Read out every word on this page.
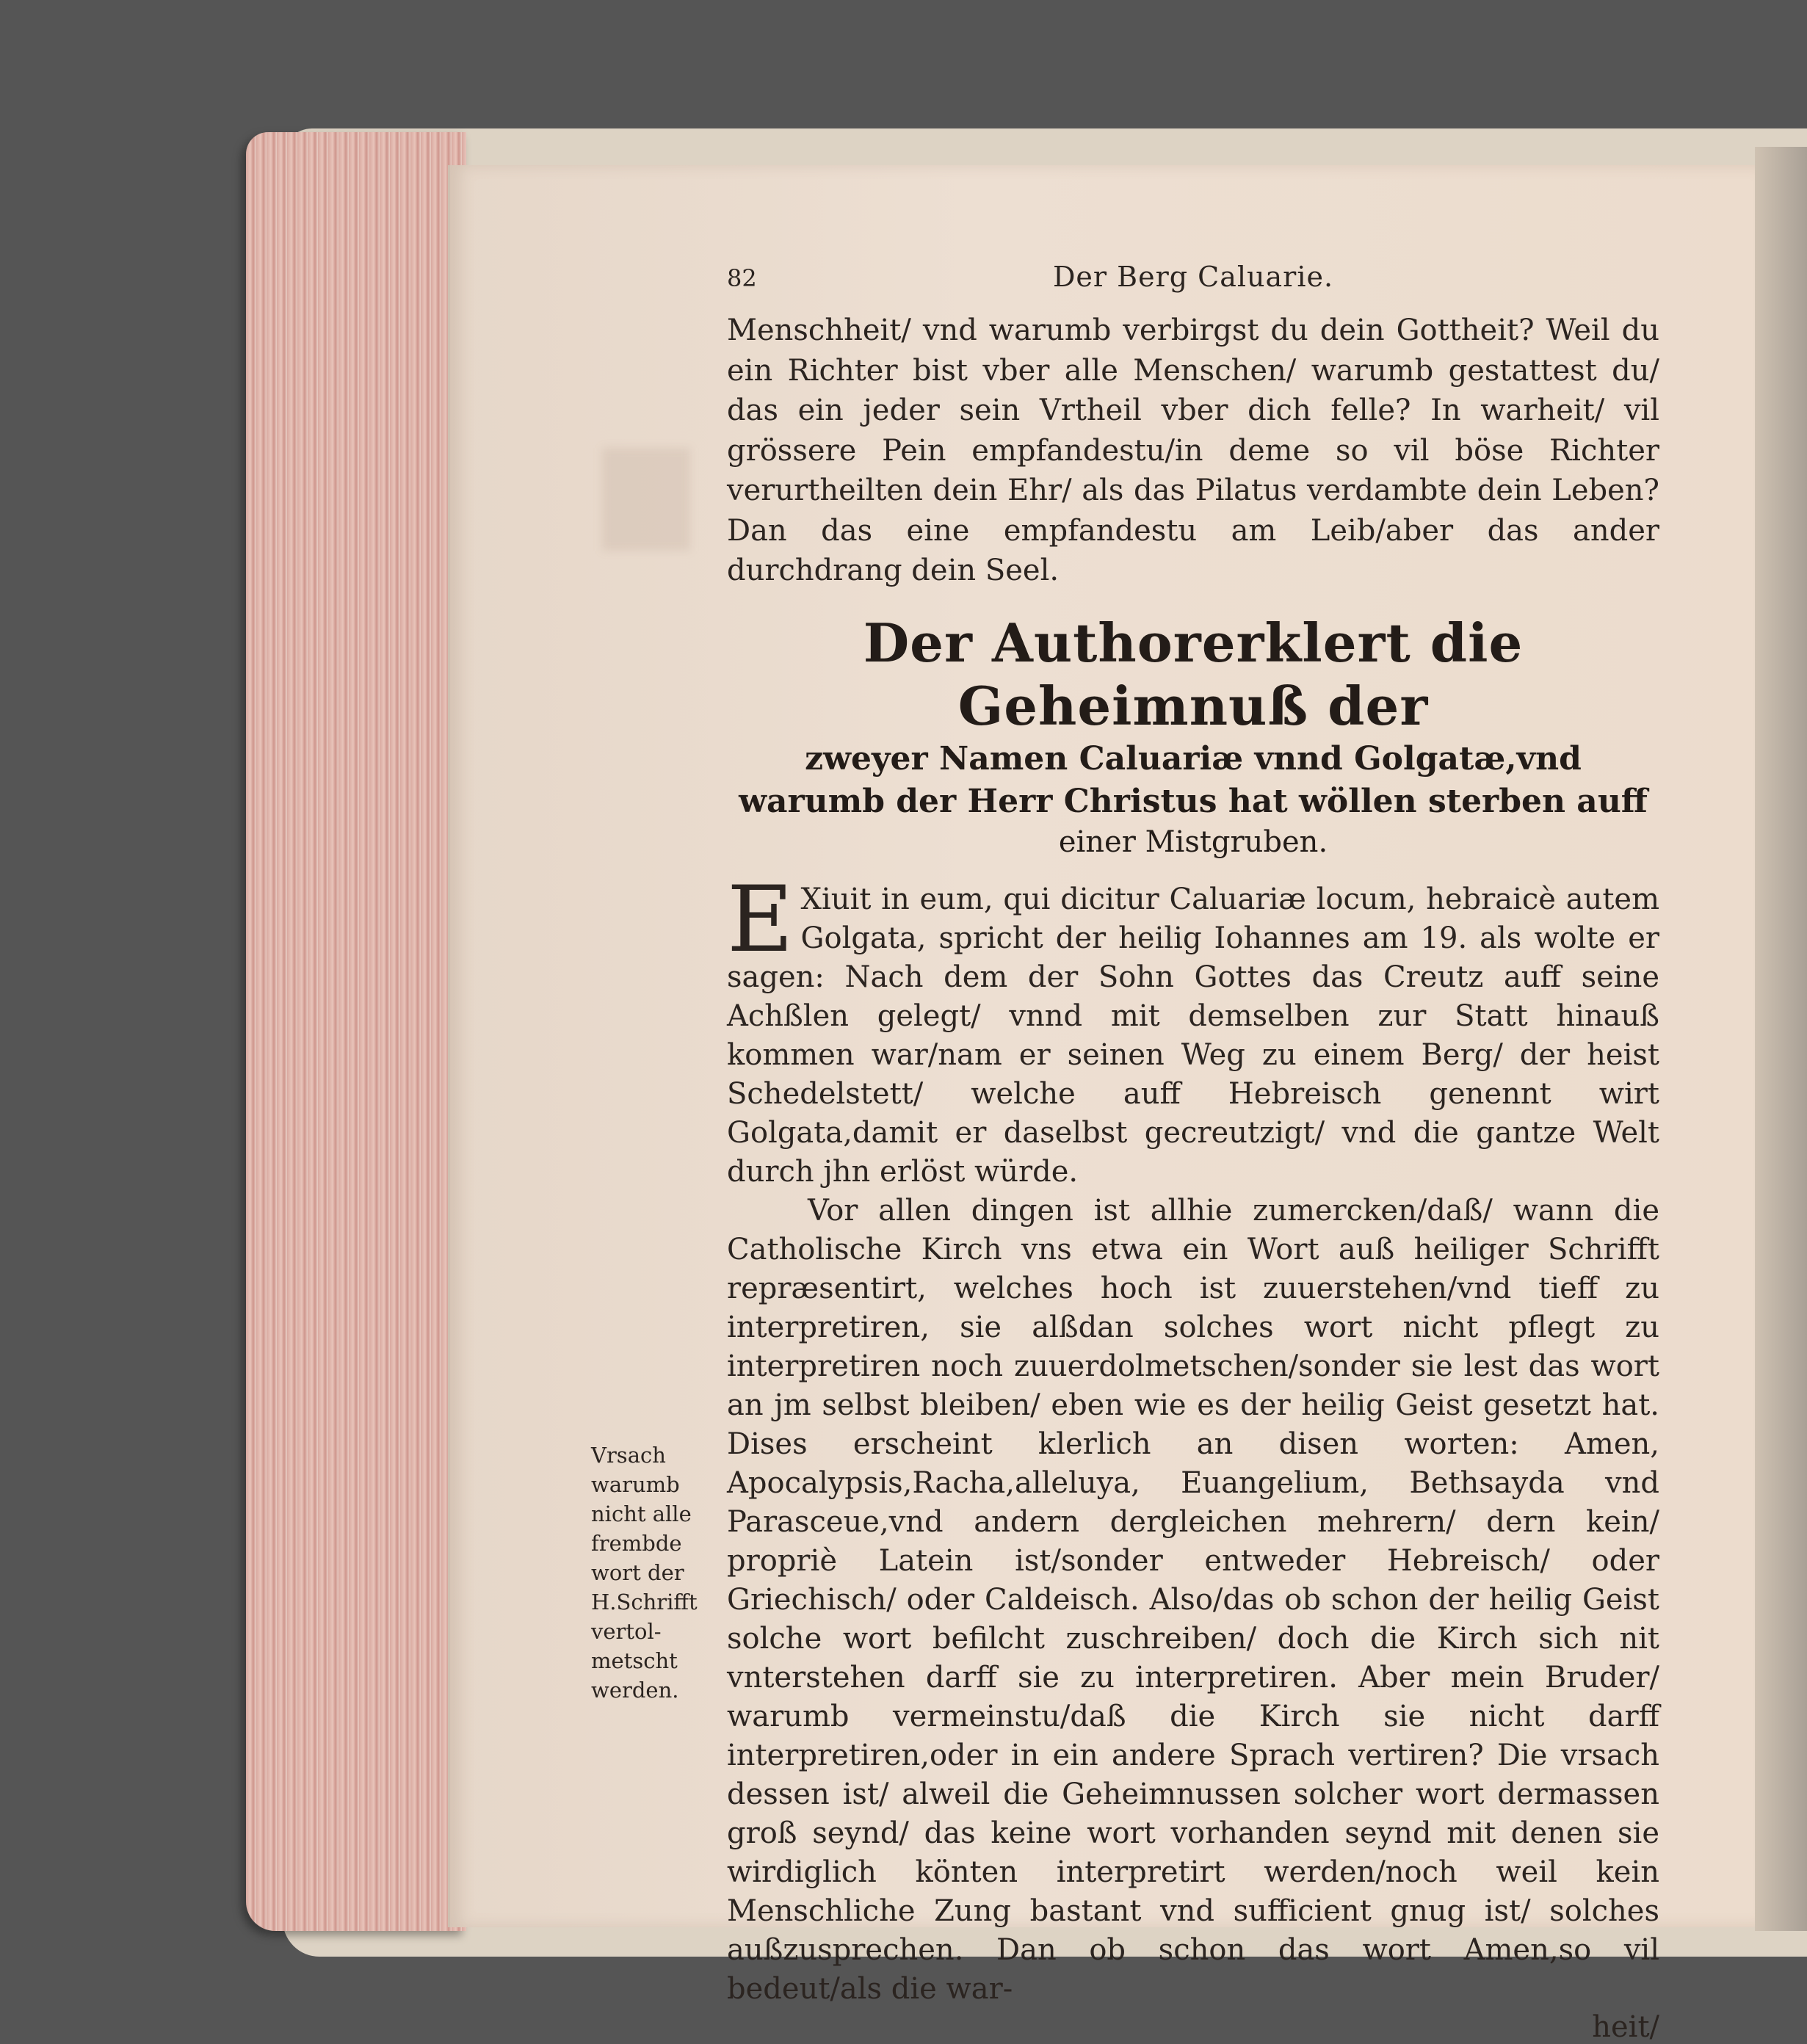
82	Der Berg Caluarie.

Menschheit/ vnd warumb verbirgst du dein Gottheit? Weil du ein Richter bist vber alle Menschen/ warumb gestattest du/ das ein jeder sein Vrtheil vber dich felle? In warheit/ vil grössere Pein empfandestu/in deme so vil böse Richter verurtheilten dein Ehr/ als das Pilatus verdambte dein Leben? Dan das eine empfandestu am Leib/aber das ander durchdrang dein Seel.

Der Authorerklert die Geheimnuß der
zweyer Namen Caluariæ vnnd Golgatæ,vnd warumb der Herr Christus hat wöllen sterben auff
einer Mistgruben.

E Xiuit in eum, qui dicitur Caluariæ locum, hebraicè autem Golgata, spricht der heilig Iohannes am 19. als wolte er sagen: Nach dem der Sohn Gottes das Creutz auff seine Achßlen gelegt/ vnnd mit demselben zur Statt hinauß kommen war/nam er seinen Weg zu einem Berg/ der heist Schedelstett/ welche auff Hebreisch genennt wirt Golgata,damit er daselbst gecreutzigt/ vnd die gantze Welt durch jhn erlöst würde.

Vor allen dingen ist allhie zumercken/daß/ wann die Catholische Kirch vns etwa ein Wort auß heiliger Schrifft repræsentirt, welches hoch ist zuuerstehen/vnd tieff zu interpretiren, sie alßdan solches wort nicht pflegt zu interpretiren noch zuuerdolmetschen/sonder sie lest das wort an jm selbst bleiben/ eben wie es der heilig Geist gesetzt hat. Dises erscheint klerlich an disen worten: Amen, Apocalypsis,Racha,alleluya, Euangelium, Bethsayda vnd Parasceue,vnd andern dergleichen mehrern/ dern kein/ propriè Latein ist/sonder entweder Hebreisch/ oder Griechisch/ oder Caldeisch. Also/das ob schon der heilig Geist solche wort befilcht zuschreiben/ doch die Kirch sich nit vnterstehen darff sie zu interpretiren. Aber mein Bruder/ warumb vermeinstu/daß die Kirch sie nicht darff interpretiren,oder in ein andere Sprach vertiren? Die vrsach dessen ist/ alweil die Geheimnussen solcher wort dermassen groß seynd/ das keine wort vorhanden seynd mit denen sie wirdiglich könten interpretirt werden/noch weil kein Menschliche Zung bastant vnd sufficient gnug ist/ solches außzusprechen. Dan ob schon das wort Amen,so vil bedeut/als die war-

heit/
Vrsach
warumb
nicht alle
frembde
wort der
H.Schrifft
vertol-
metscht
werden.
